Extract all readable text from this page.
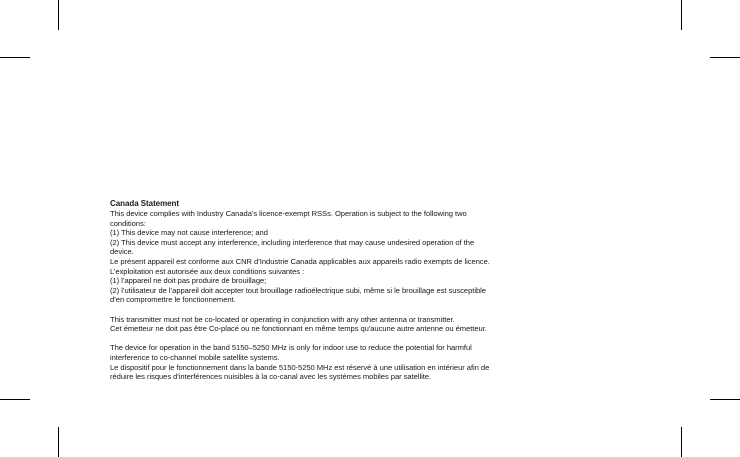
Canada Statement

This device complies with Industry Canada’s licence-exempt RSSs. Operation is subject to the following two conditions:

(1) This device may not cause interference; and

(2) This device must accept any interference, including interference that may cause undesired operation of the device.

Le présent appareil est conforme aux CNR d’Industrie Canada applicables aux appareils radio exempts de licence. L’exploitation est autorisée aux deux conditions suivantes :

(1) l’appareil ne doit pas produire de brouillage;

(2) l’utilisateur de l’appareil doit accepter tout brouillage radioélectrique subi, même si le brouillage est susceptible d’en compromettre le fonctionnement.

This transmitter must not be co-located or operating in conjunction with any other antenna or transmitter.

Cet émetteur ne doit pas être Co-placé ou ne fonctionnant en même temps qu'aucune autre antenne ou émetteur.

The device for operation in the band 5150–5250 MHz is only for indoor use to reduce the potential for harmful interference to co-channel mobile satellite systems.

Le dispositif pour le fonctionnement dans la bande 5150-5250 MHz est réservé à une utilisation en intérieur afin de réduire les risques d'interférences nuisibles à la co-canal avec les systèmes mobiles par satellite.
